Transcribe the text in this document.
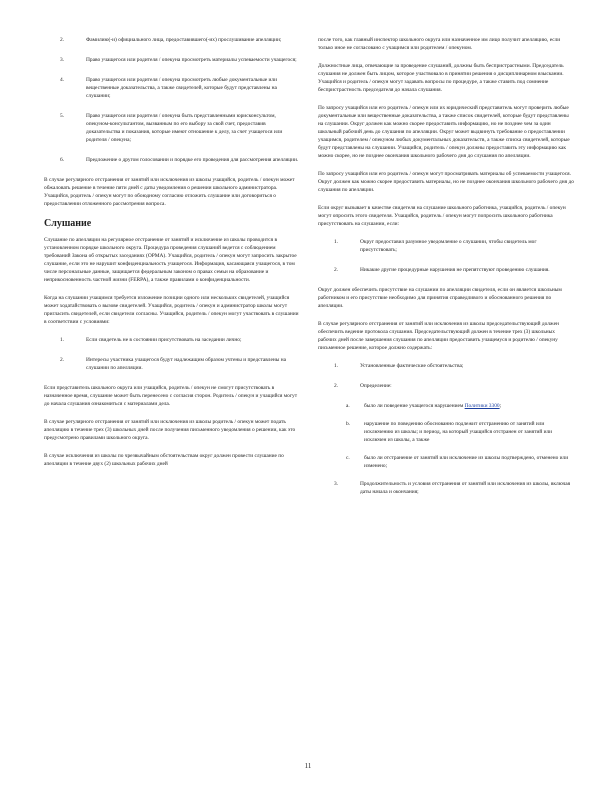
2.	Фамилию(-и) официального лица, предоставившего(-их) прослушивание апелляции;
3.	Право учащегося или родителя / опекуна просмотреть материалы успеваемости учащегося;
4.	Право учащегося или родителя / опекуна просмотреть любые документальные или вещественные доказательства, а также свидетелей, которые будут представлены на слушании;
5.	Право учащегося или родителя / опекуна быть представленными юрисконсультом, опекуном-консультантом, вызванным по его выбору за свой счет, предоставив доказательства и показания, которые имеют отношение к делу, за счет учащегося или родителя / опекуна;
6.	Предложение о другом голосовании и порядке его проведения для рассмотрения апелляции.

В случае регулярного отстранения от занятий или исключения из школы учащийся, родитель / опекун может обжаловать решение в течение пяти дней с даты уведомления о решении школьного администратора. Учащийся, родитель / опекун могут по обоюдному согласию отложить слушание или договориться о предоставлении отложенного рассмотрения вопроса.

Слушание

Слушание по апелляции на регулярное отстранение от занятий и исключение из школы проводится в установленном порядке школьного округа. Процедура проведения слушаний ведется с соблюдением требований Закона об открытых заседаниях (OPMA). Учащийся, родитель / опекун могут запросить закрытое слушание, если это не нарушит конфиденциальность учащегося. Информация, касающаяся учащегося, в том числе персональные данные, защищается федеральным законом о правах семьи на образование и неприкосновенность частной жизни (FERPA), а также правилами о конфиденциальности.

Когда на слушании учащимся требуется изложение позиции одного или нескольких свидетелей, учащийся может ходатайствовать о вызове свидетелей. Учащийся, родитель / опекун и администратор школы могут пригласить свидетелей, если свидетели согласны. Учащийся, родитель / опекун могут участвовать в слушании в соответствии с условиями:

1.	Если свидетель не в состоянии присутствовать на заседании лично;
2.	Интересы участника учащегося будут надлежащим образом учтены и представлены на слушании по апелляции.

Если представитель школьного округа или учащийся, родитель / опекун не смогут присутствовать в назначенное время, слушание может быть перенесено с согласия сторон. Родитель / опекун и учащийся могут до начала слушания ознакомиться с материалами дела.

В случае регулярного отстранения от занятий или исключения из школы родитель / опекун может подать апелляцию в течение трех (3) школьных дней после получения письменного уведомления о решении, как это предусмотрено правилами школьного округа.

В случае исключения из школы по чрезвычайным обстоятельствам округ должен провести слушание по апелляции в течение двух (2) школьных рабочих дней

после того, как главный инспектор школьного округа или назначенное им лицо получит апелляцию, если только иное не согласовано с учащимся или родителем / опекуном.

Должностные лица, отвечающие за проведение слушаний, должны быть беспристрастными. Председатель слушания не должен быть лицом, которое участвовало в принятии решения о дисциплинарном взыскании. Учащийся и родитель / опекун могут задавать вопросы по процедуре, а также ставить под сомнение беспристрастность председателя до начала слушания.

По запросу учащийся или его родитель / опекун или их юридический представитель могут проверить любые документальные или вещественные доказательства, а также список свидетелей, которые будут представлены на слушании. Округ должен как можно скорее предоставить информацию, но не позднее чем за один школьный рабочий день до слушания по апелляции. Округ может выдвинуть требование о предоставлении учащимся, родителем / опекуном любых документальных доказательств, а также списка свидетелей, которые будут представлены на слушании. Учащийся, родитель / опекун должны предоставить эту информацию как можно скорее, но не позднее окончания школьного рабочего дня до слушания по апелляции.

По запросу учащийся или его родитель / опекун могут просматривать материалы об успеваемости учащегося. Округ должен как можно скорее предоставить материалы, но не позднее окончания школьного рабочего дня до слушания по апелляции.

Если округ вызывает в качестве свидетеля на слушание школьного работника, учащийся, родитель / опекун могут опросить этого свидетеля. Учащийся, родитель / опекун могут попросить школьного работника присутствовать на слушании, если:

1.	Округ предоставил разумное уведомление о слушании, чтобы свидетель мог присутствовать;
2.	Никакие другие процедурные нарушения не препятствуют проведению слушания.

Округ должен обеспечить присутствие на слушании по апелляции свидетеля, если он является школьным работником и его присутствие необходимо для принятия справедливого и обоснованного решения по апелляции.

В случае регулярного отстранения от занятий или исключения из школы председательствующий должен обеспечить ведение протокола слушания. Председательствующий должен в течение трех (3) школьных рабочих дней после завершения слушания по апелляции предоставить учащемуся и родителю / опекуну письменное решение, которое должно содержать:

1.	Установленные фактические обстоятельства;
2.	Определение:
a.	было ли поведение учащегося нарушением Политики 3300;
b.	нарушение по поведению обоснованно подлежит отстранению от занятий или исключению из школы; и период, на который учащийся отстранен от занятий или исключен из школы, а также
c.	было ли отстранение от занятий или исключение из школы подтверждено, отменено или изменено;
3.	Продолжительность и условия отстранения от занятий или исключения из школы, включая даты начала и окончания;
11
